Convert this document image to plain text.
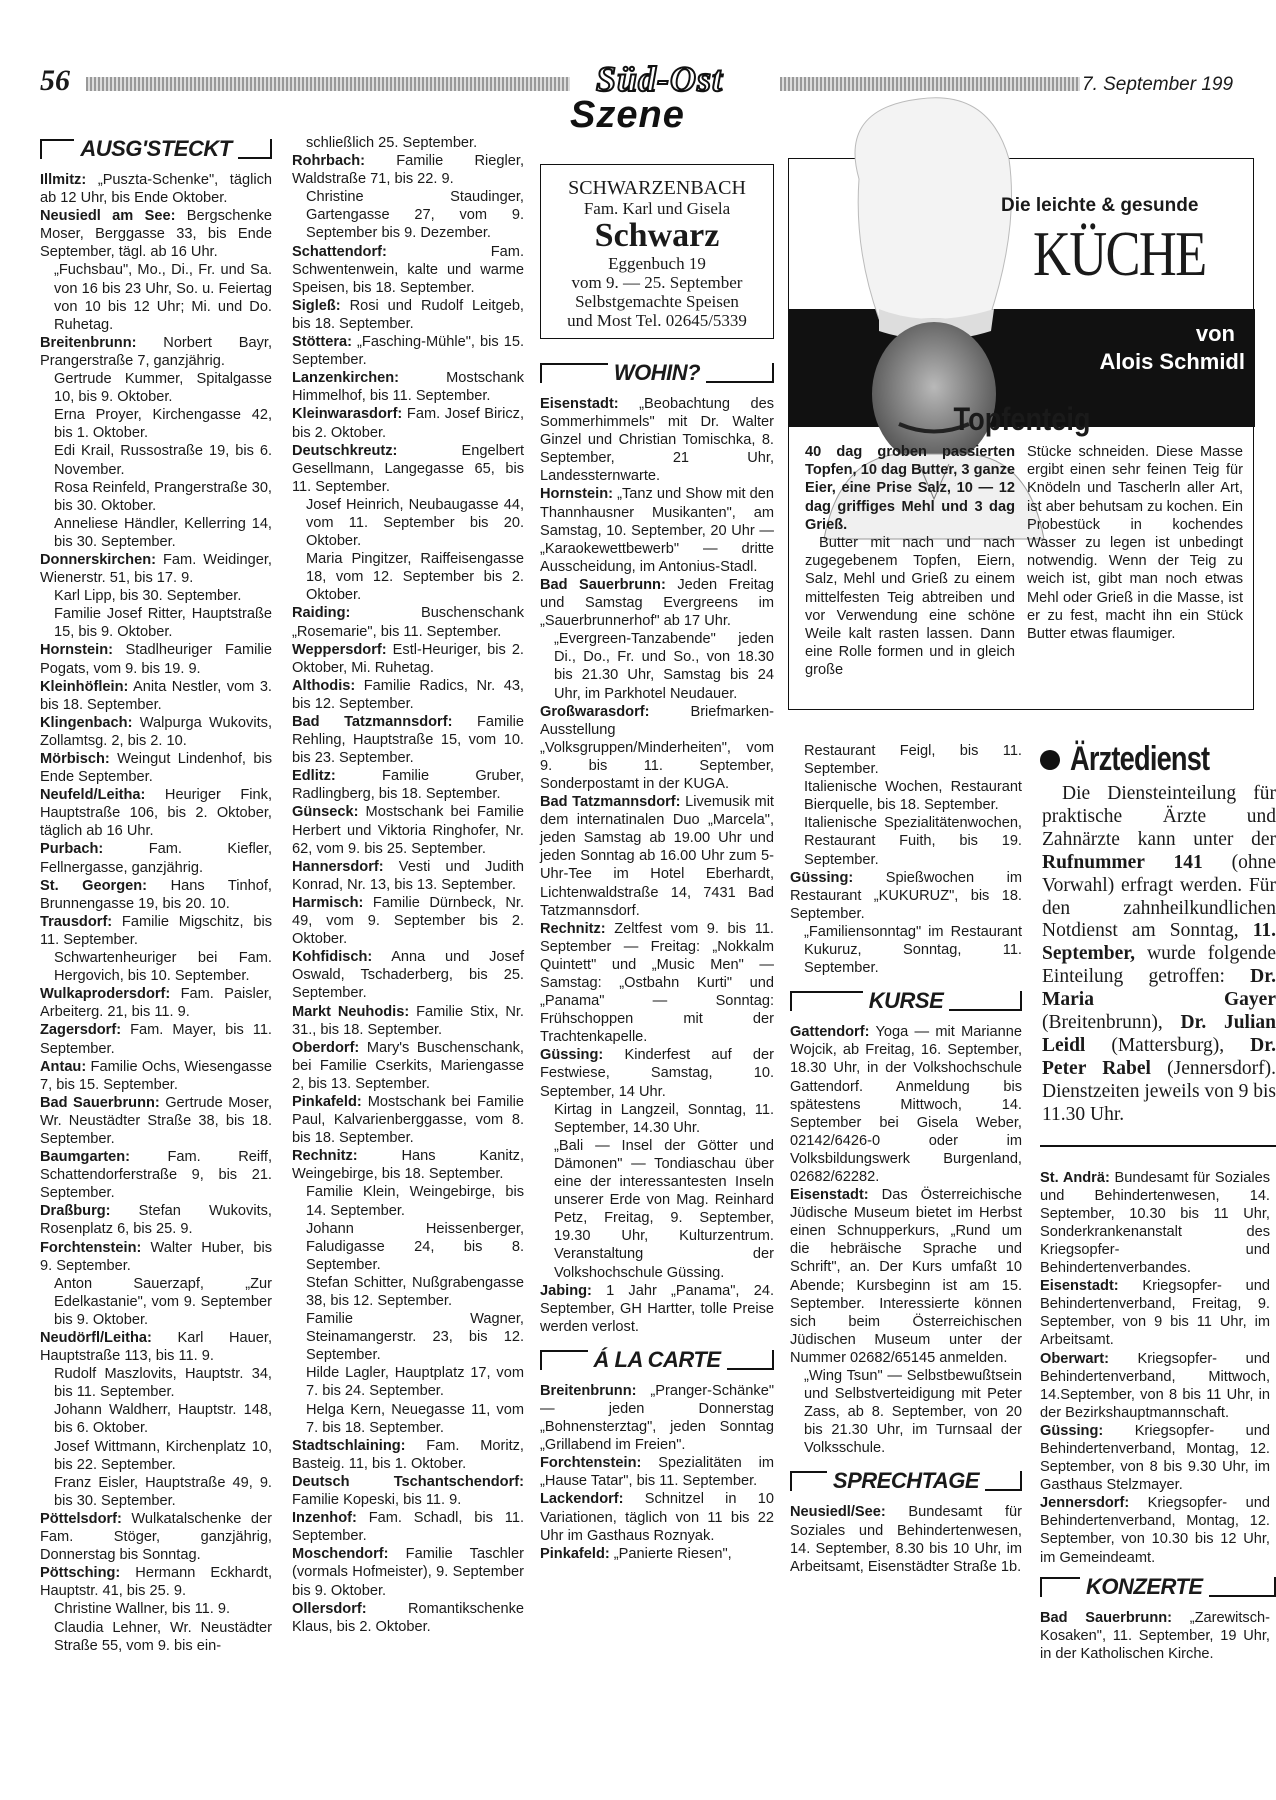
56	Süd-Ost
Szene
7. September 199
AUSG'STECKT

Illmitz: „Puszta-Schenke", täglich ab 12 Uhr, bis Ende Oktober.

Neusiedl am See: Bergschenke Moser, Berggasse 33, bis Ende September, tägl. ab 16 Uhr.

„Fuchsbau", Mo., Di., Fr. und Sa. von 16 bis 23 Uhr, So. u. Feiertag von 10 bis 12 Uhr; Mi. und Do. Ruhetag.

Breitenbrunn: Norbert Bayr, Prangerstraße 7, ganzjährig.

Gertrude Kummer, Spitalgasse 10, bis 9. Oktober.

Erna Proyer, Kirchengasse 42, bis 1. Oktober.

Edi Krail, Russostraße 19, bis 6. November.

Rosa Reinfeld, Prangerstraße 30, bis 30. Oktober.

Anneliese Händler, Kellerring 14, bis 30. September.

Donnerskirchen: Fam. Weidinger, Wienerstr. 51, bis 17. 9.

Karl Lipp, bis 30. September.

Familie Josef Ritter, Hauptstraße 15, bis 9. Oktober.

Hornstein: Stadlheuriger Familie Pogats, vom 9. bis 19. 9.

Kleinhöflein: Anita Nestler, vom 3. bis 18. September.

Klingenbach: Walpurga Wukovits, Zollamtsg. 2, bis 2. 10.

Mörbisch: Weingut Lindenhof, bis Ende September.

Neufeld/Leitha: Heuriger Fink, Hauptstraße 106, bis 2. Oktober, täglich ab 16 Uhr.

Purbach: Fam. Kiefler, Fellnergasse, ganzjährig.

St. Georgen: Hans Tinhof, Brunnengasse 19, bis 20. 10.

Trausdorf: Familie Migschitz, bis 11. September.

Schwartenheuriger bei Fam. Hergovich, bis 10. September.

Wulkaprodersdorf: Fam. Paisler, Arbeiterg. 21, bis 11. 9.

Zagersdorf: Fam. Mayer, bis 11. September.

Antau: Familie Ochs, Wiesengasse 7, bis 15. September.

Bad Sauerbrunn: Gertrude Moser, Wr. Neustädter Straße 38, bis 18. September.

Baumgarten: Fam. Reiff, Schattendorferstraße 9, bis 21. September.

Draßburg: Stefan Wukovits, Rosenplatz 6, bis 25. 9.

Forchtenstein: Walter Huber, bis 9. September.

Anton Sauerzapf, „Zur Edelkastanie", vom 9. September bis 9. Oktober.

Neudörfl/Leitha: Karl Hauer, Hauptstraße 113, bis 11. 9.

Rudolf Maszlovits, Hauptstr. 34, bis 11. September.

Johann Waldherr, Hauptstr. 148, bis 6. Oktober.

Josef Wittmann, Kirchenplatz 10, bis 22. September.

Franz Eisler, Hauptstraße 49, 9. bis 30. September.

Pöttelsdorf: Wulkatalschenke der Fam. Stöger, ganzjährig, Donnerstag bis Sonntag.

Pöttsching: Hermann Eckhardt, Hauptstr. 41, bis 25. 9.

Christine Wallner, bis 11. 9.

Claudia Lehner, Wr. Neustädter Straße 55, vom 9. bis ein-

schließlich 25. September.

Rohrbach: Familie Riegler, Waldstraße 71, bis 22. 9.

Christine Staudinger, Gartengasse 27, vom 9. September bis 9. Dezember.

Schattendorf: Fam. Schwentenwein, kalte und warme Speisen, bis 18. September.

Sigleß: Rosi und Rudolf Leitgeb, bis 18. September.

Stöttera: „Fasching-Mühle", bis 15. September.

Lanzenkirchen: Mostschank Himmelhof, bis 11. September.

Kleinwarasdorf: Fam. Josef Biricz, bis 2. Oktober.

Deutschkreutz: Engelbert Gesellmann, Langegasse 65, bis 11. September.

Josef Heinrich, Neubaugasse 44, vom 11. September bis 20. Oktober.

Maria Pingitzer, Raiffeisengasse 18, vom 12. September bis 2. Oktober.

Raiding: Buschenschank „Rosemarie", bis 11. September.

Weppersdorf: Estl-Heuriger, bis 2. Oktober, Mi. Ruhetag.

Althodis: Familie Radics, Nr. 43, bis 12. September.

Bad Tatzmannsdorf: Familie Rehling, Hauptstraße 15, vom 10. bis 23. September.

Edlitz: Familie Gruber, Radlingberg, bis 18. September.

Günseck: Mostschank bei Familie Herbert und Viktoria Ringhofer, Nr. 62, vom 9. bis 25. September.

Hannersdorf: Vesti und Judith Konrad, Nr. 13, bis 13. September.

Harmisch: Familie Dürnbeck, Nr. 49, vom 9. September bis 2. Oktober.

Kohfidisch: Anna und Josef Oswald, Tschaderberg, bis 25. September.

Markt Neuhodis: Familie Stix, Nr. 31., bis 18. September.

Oberdorf: Mary's Buschenschank, bei Familie Cserkits, Mariengasse 2, bis 13. September.

Pinkafeld: Mostschank bei Familie Paul, Kalvarienberggasse, vom 8. bis 18. September.

Rechnitz: Hans Kanitz, Weingebirge, bis 18. September.

Familie Klein, Weingebirge, bis 14. September.

Johann Heissenberger, Faludigasse 24, bis 8. September.

Stefan Schitter, Nußgrabengasse 38, bis 12. September.

Familie Wagner, Steinamangerstr. 23, bis 12. September.

Hilde Lagler, Hauptplatz 17, vom 7. bis 24. September.

Helga Kern, Neuegasse 11, vom 7. bis 18. September.

Stadtschlaining: Fam. Moritz, Basteig. 11, bis 1. Oktober.

Deutsch Tschantschendorf: Familie Kopeski, bis 11. 9.

Inzenhof: Fam. Schadl, bis 11. September.

Moschendorf: Familie Taschler (vormals Hofmeister), 9. September bis 9. Oktober.

Ollersdorf: Romantikschenke Klaus, bis 2. Oktober.

SCHWARZENBACH
Fam. Karl und Gisela
Schwarz
Eggenbuch 19
vom 9. — 25. September
Selbstgemachte Speisen
und Most Tel. 02645/5339
WOHIN?

Eisenstadt: „Beobachtung des Sommerhimmels" mit Dr. Walter Ginzel und Christian Tomischka, 8. September, 21 Uhr, Landessternwarte.

Hornstein: „Tanz und Show mit den Thannhausner Musikanten", am Samstag, 10. September, 20 Uhr — „Karaokewettbewerb" — dritte Ausscheidung, im Antonius-Stadl.

Bad Sauerbrunn: Jeden Freitag und Samstag Evergreens im „Sauerbrunnerhof" ab 17 Uhr.

„Evergreen-Tanzabende" jeden Di., Do., Fr. und So., von 18.30 bis 21.30 Uhr, Samstag bis 24 Uhr, im Parkhotel Neudauer.

Großwarasdorf: Briefmarken-Ausstellung „Volksgruppen/Minderheiten", vom 9. bis 11. September, Sonderpostamt in der KUGA.

Bad Tatzmannsdorf: Livemusik mit dem internatinalen Duo „Marcela", jeden Samstag ab 19.00 Uhr und jeden Sonntag ab 16.00 Uhr zum 5-Uhr-Tee im Hotel Eberhardt, Lichtenwaldstraße 14, 7431 Bad Tatzmannsdorf.

Rechnitz: Zeltfest vom 9. bis 11. September — Freitag: „Nokkalm Quintett" und „Music Men" — Samstag: „Ostbahn Kurti" und „Panama" — Sonntag: Frühschoppen mit der Trachtenkapelle.

Güssing: Kinderfest auf der Festwiese, Samstag, 10. September, 14 Uhr.

Kirtag in Langzeil, Sonntag, 11. September, 14.30 Uhr.

„Bali — Insel der Götter und Dämonen" — Tondiaschau über eine der interessantesten Inseln unserer Erde von Mag. Reinhard Petz, Freitag, 9. September, 19.30 Uhr, Kulturzentrum. Veranstaltung der Volkshochschule Güssing.

Jabing: 1 Jahr „Panama", 24. September, GH Hartter, tolle Preise werden verlost.

Á LA CARTE

Breitenbrunn: „Pranger-Schänke" — jeden Donnerstag „Bohnensterztag", jeden Sonntag „Grillabend im Freien".

Forchtenstein: Spezialitäten im „Hause Tatar", bis 11. September.

Lackendorf: Schnitzel in 10 Variationen, täglich von 11 bis 22 Uhr im Gasthaus Roznyak.

Pinkafeld: „Panierte Riesen",

Die leichte & gesunde
KÜCHE
von
Alois Schmidl
Topfenteig
40 dag groben passierten Topfen, 10 dag Butter, 3 ganze Eier, eine Prise Salz, 10 — 12 dag griffiges Mehl und 3 dag Grieß.
Butter mit nach und nach zugegebenem Topfen, Eiern, Salz, Mehl und Grieß zu einem mittelfesten Teig abtreiben und vor Verwendung eine schöne Weile kalt rasten lassen. Dann eine Rolle formen und in gleich große
Stücke schneiden. Diese Masse ergibt einen sehr feinen Teig für Knödeln und Tascherln aller Art, ist aber behutsam zu kochen. Ein Probestück in kochendes Wasser zu legen ist unbedingt notwendig. Wenn der Teig zu weich ist, gibt man noch etwas Mehl oder Grieß in die Masse, ist er zu fest, macht ihn ein Stück Butter etwas flaumiger.

Restaurant Feigl, bis 11. September.

Italienische Wochen, Restaurant Bierquelle, bis 18. September.

Italienische Spezialitätenwochen, Restaurant Fuith, bis 19. September.

Güssing: Spießwochen im Restaurant „KUKURUZ", bis 18. September.

„Familiensonntag" im Restaurant Kukuruz, Sonntag, 11. September.

KURSE

Gattendorf: Yoga — mit Marianne Wojcik, ab Freitag, 16. September, 18.30 Uhr, in der Volkshochschule Gattendorf. Anmeldung bis spätestens Mittwoch, 14. September bei Gisela Weber, 02142/6426-0 oder im Volksbildungswerk Burgenland, 02682/62282.

Eisenstadt: Das Österreichische Jüdische Museum bietet im Herbst einen Schnupperkurs, „Rund um die hebräische Sprache und Schrift", an. Der Kurs umfaßt 10 Abende; Kursbeginn ist am 15. September. Interessierte können sich beim Österreichischen Jüdischen Museum unter der Nummer 02682/65145 anmelden.

„Wing Tsun" — Selbstbewußtsein und Selbstverteidigung mit Peter Zass, ab 8. September, von 20 bis 21.30 Uhr, im Turnsaal der Volksschule.

SPRECHTAGE

Neusiedl/See: Bundesamt für Soziales und Behindertenwesen, 14. September, 8.30 bis 10 Uhr, im Arbeitsamt, Eisenstädter Straße 1b.

Ärztedienst
Die Diensteinteilung für praktische Ärzte und Zahnärzte kann unter der Rufnummer 141 (ohne Vorwahl) erfragt werden. Für den zahnheilkundlichen Notdienst am Sonntag, 11. September, wurde folgende Einteilung getroffen: Dr. Maria Gayer (Breitenbrunn), Dr. Julian Leidl (Mattersburg), Dr. Peter Rabel (Jennersdorf). Dienstzeiten jeweils von 9 bis 11.30 Uhr.

St. Andrä: Bundesamt für Soziales und Behindertenwesen, 14. September, 10.30 bis 11 Uhr, Sonderkrankenanstalt des Kriegsopfer- und Behindertenverbandes.

Eisenstadt: Kriegsopfer- und Behindertenverband, Freitag, 9. September, von 9 bis 11 Uhr, im Arbeitsamt.

Oberwart: Kriegsopfer- und Behindertenverband, Mittwoch, 14.September, von 8 bis 11 Uhr, in der Bezirkshauptmannschaft.

Güssing: Kriegsopfer- und Behindertenverband, Montag, 12. September, von 8 bis 9.30 Uhr, im Gasthaus Stelzmayer.

Jennersdorf: Kriegsopfer- und Behindertenverband, Montag, 12. September, von 10.30 bis 12 Uhr, im Gemeindeamt.

KONZERTE

Bad Sauerbrunn: „Zarewitsch-Kosaken", 11. September, 19 Uhr, in der Katholischen Kirche.
